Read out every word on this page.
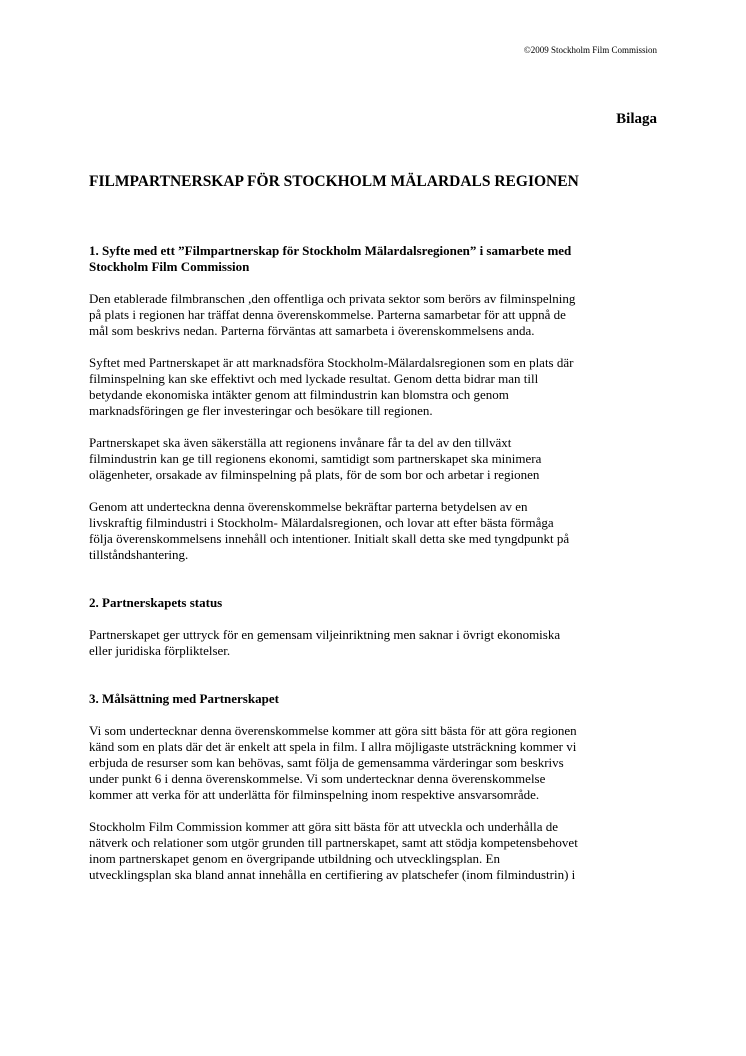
©2009 Stockholm Film Commission
Bilaga
FILMPARTNERSKAP FÖR STOCKHOLM MÄLARDALS REGIONEN

1. Syfte med ett ”Filmpartnerskap för Stockholm Mälardalsregionen” i samarbete med
Stockholm Film Commission

Den etablerade filmbranschen ,den offentliga och privata sektor som berörs av filminspelning
på plats i regionen har träffat denna överenskommelse. Parterna samarbetar för att uppnå de
mål som beskrivs nedan. Parterna förväntas att samarbeta i överenskommelsens anda.

Syftet med Partnerskapet är att marknadsföra Stockholm-Mälardalsregionen som en plats där
filminspelning kan ske effektivt och med lyckade resultat. Genom detta bidrar man till
betydande ekonomiska intäkter genom att filmindustrin kan blomstra och genom
marknadsföringen ge fler investeringar och besökare till regionen.

Partnerskapet ska även säkerställa att regionens invånare får ta del av den tillväxt
filmindustrin kan ge till regionens ekonomi, samtidigt som partnerskapet ska minimera
olägenheter, orsakade av filminspelning på plats, för de som bor och arbetar i regionen

Genom att underteckna denna överenskommelse bekräftar parterna betydelsen av en
livskraftig filmindustri i Stockholm- Mälardalsregionen, och lovar att efter bästa förmåga
följa överenskommelsens innehåll och intentioner. Initialt skall detta ske med tyngdpunkt på
tillståndshantering.

2. Partnerskapets status

Partnerskapet ger uttryck för en gemensam viljeinriktning men saknar i övrigt ekonomiska
eller juridiska förpliktelser.

3. Målsättning med Partnerskapet

Vi som undertecknar denna överenskommelse kommer att göra sitt bästa för att göra regionen
känd som en plats där det är enkelt att spela in film. I allra möjligaste utsträckning kommer vi
erbjuda de resurser som kan behövas, samt följa de gemensamma värderingar som beskrivs
under punkt 6 i denna överenskommelse. Vi som undertecknar denna överenskommelse
kommer att verka för att underlätta för filminspelning inom respektive ansvarsområde.

Stockholm Film Commission kommer att göra sitt bästa för att utveckla och underhålla de
nätverk och relationer som utgör grunden till partnerskapet, samt att stödja kompetensbehovet
inom partnerskapet genom en övergripande utbildning och utvecklingsplan. En
utvecklingsplan ska bland annat innehålla en certifiering av platschefer (inom filmindustrin) i
